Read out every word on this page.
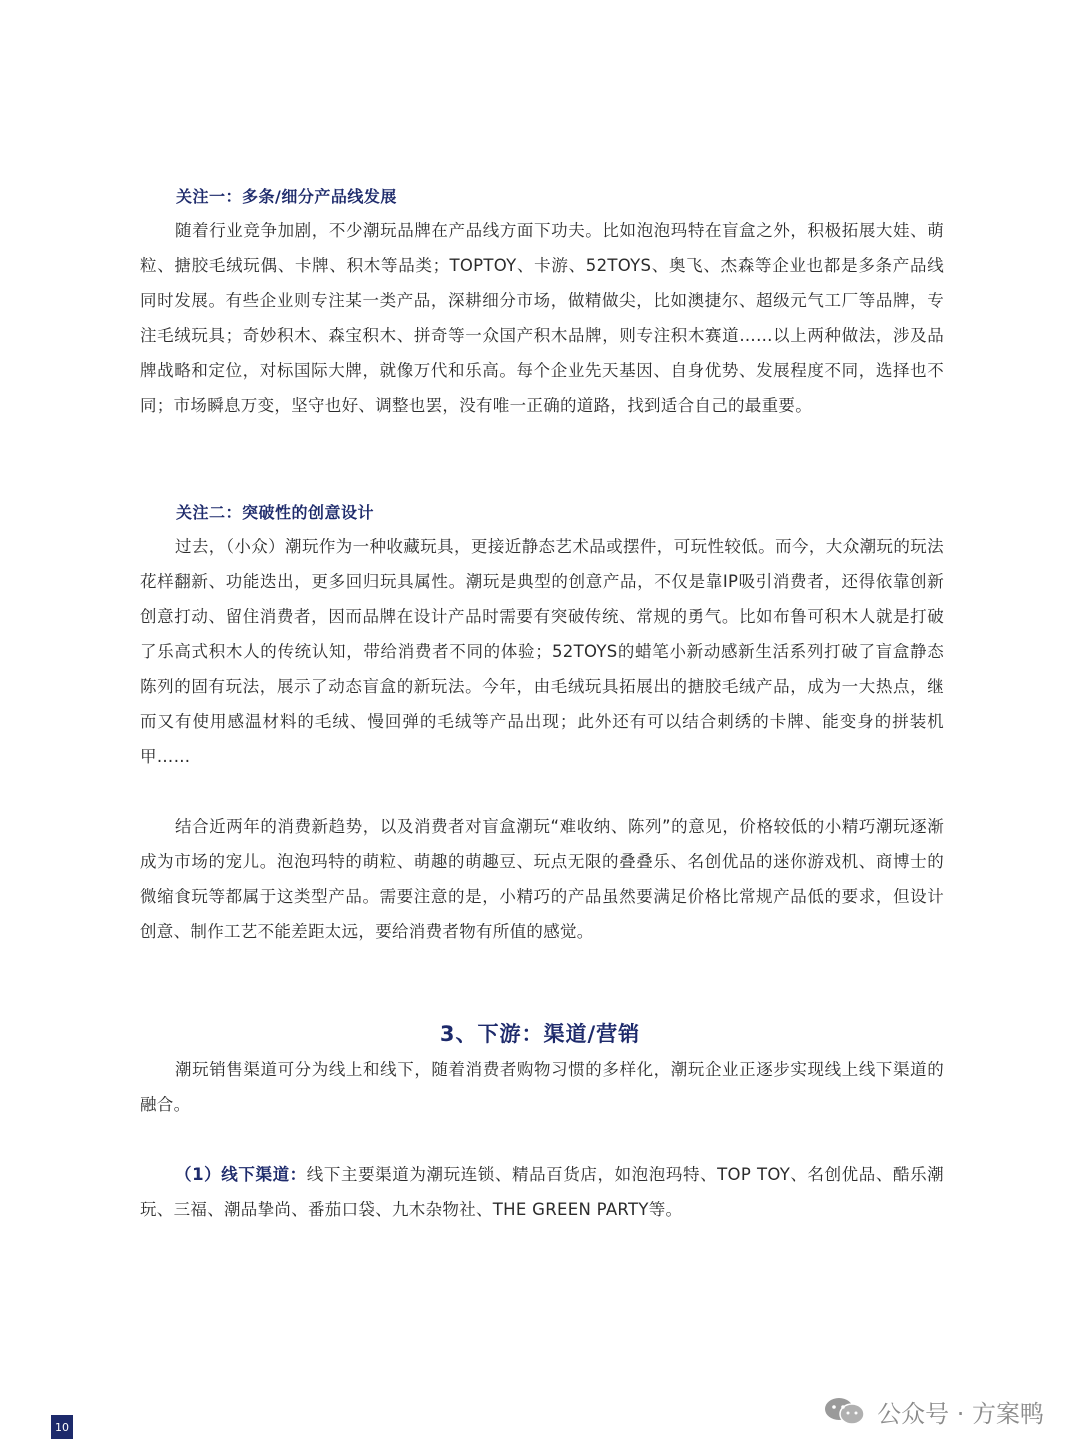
关注一：多条/细分产品线发展
随着行业竞争加剧，不少潮玩品牌在产品线方面下功夫。比如泡泡玛特在盲盒之外，积极拓展大娃、萌粒、搪胶毛绒玩偶、卡牌、积木等品类；TOPTOY、卡游、52TOYS、奥飞、杰森等企业也都是多条产品线同时发展。有些企业则专注某一类产品，深耕细分市场，做精做尖，比如澳捷尔、超级元气工厂等品牌，专注毛绒玩具；奇妙积木、森宝积木、拼奇等一众国产积木品牌，则专注积木赛道……以上两种做法，涉及品牌战略和定位，对标国际大牌，就像万代和乐高。每个企业先天基因、自身优势、发展程度不同，选择也不同；市场瞬息万变，坚守也好、调整也罢，没有唯一正确的道路，找到适合自己的最重要。
关注二：突破性的创意设计
过去，（小众）潮玩作为一种收藏玩具，更接近静态艺术品或摆件，可玩性较低。而今，大众潮玩的玩法花样翻新、功能迭出，更多回归玩具属性。潮玩是典型的创意产品，不仅是靠IP吸引消费者，还得依靠创新创意打动、留住消费者，因而品牌在设计产品时需要有突破传统、常规的勇气。比如布鲁可积木人就是打破了乐高式积木人的传统认知，带给消费者不同的体验；52TOYS的蜡笔小新动感新生活系列打破了盲盒静态陈列的固有玩法，展示了动态盲盒的新玩法。今年，由毛绒玩具拓展出的搪胶毛绒产品，成为一大热点，继而又有使用感温材料的毛绒、慢回弹的毛绒等产品出现；此外还有可以结合刺绣的卡牌、能变身的拼装机甲……
结合近两年的消费新趋势，以及消费者对盲盒潮玩“难收纳、陈列”的意见，价格较低的小精巧潮玩逐渐成为市场的宠儿。泡泡玛特的萌粒、萌趣的萌趣豆、玩点无限的叠叠乐、名创优品的迷你游戏机、商博士的微缩食玩等都属于这类型产品。需要注意的是，小精巧的产品虽然要满足价格比常规产品低的要求，但设计创意、制作工艺不能差距太远，要给消费者物有所值的感觉。
3、下游：渠道/营销
潮玩销售渠道可分为线上和线下，随着消费者购物习惯的多样化，潮玩企业正逐步实现线上线下渠道的融合。
（1）线下渠道：线下主要渠道为潮玩连锁、精品百货店，如泡泡玛特、TOP TOY、名创优品、酷乐潮玩、三福、潮品挚尚、番茄口袋、九木杂物社、THE GREEN PARTY等。
10	公众号 · 方案鸭
